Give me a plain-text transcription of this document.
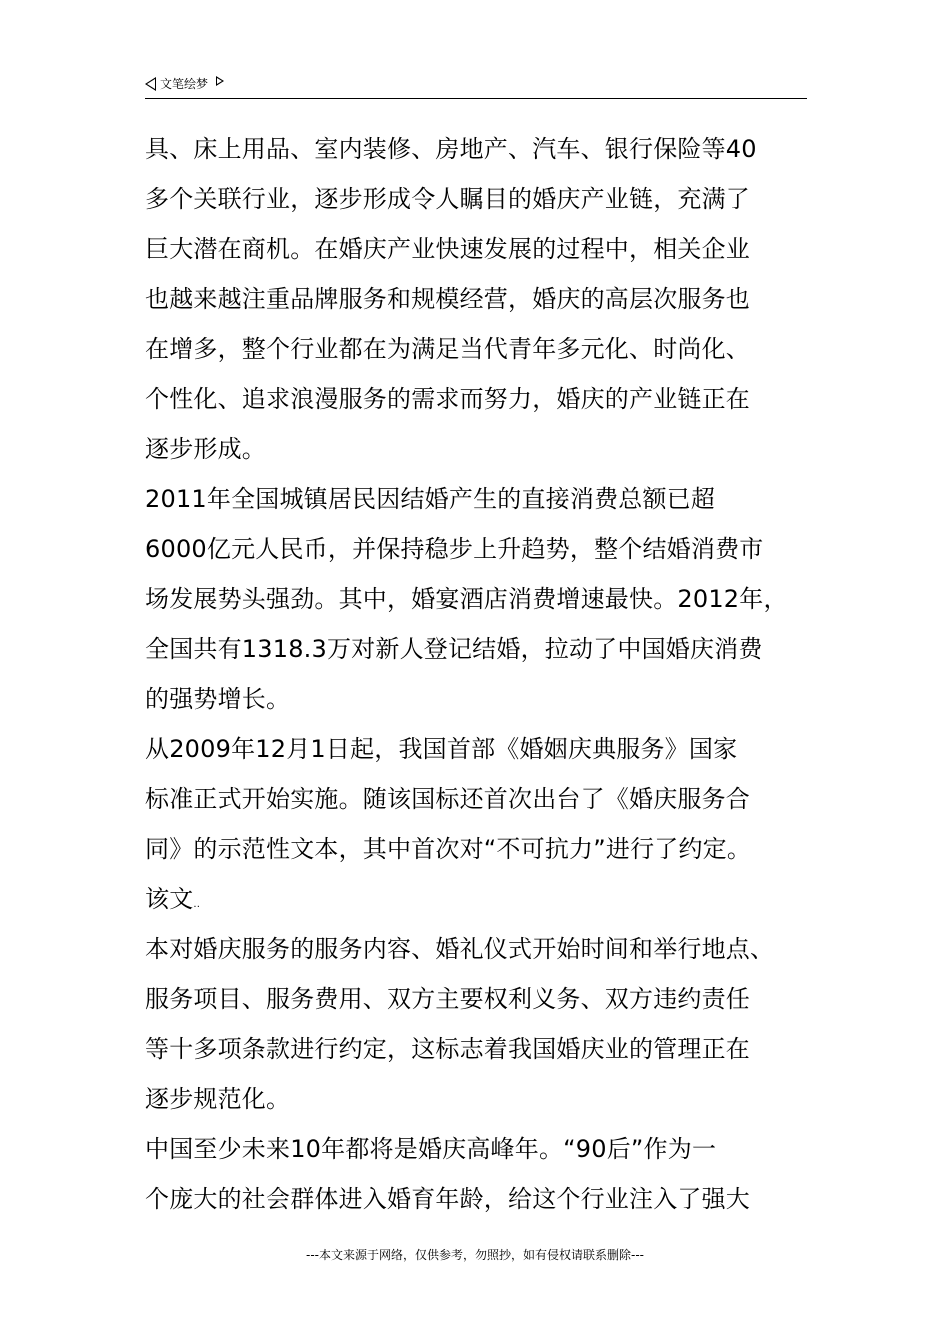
文笔绘梦
具、床上用品、室内装修、房地产、汽车、银行保险等40
多个关联行业，逐步形成令人瞩目的婚庆产业链，充满了
巨大潜在商机。在婚庆产业快速发展的过程中，相关企业
也越来越注重品牌服务和规模经营，婚庆的高层次服务也
在增多，整个行业都在为满足当代青年多元化、时尚化、
个性化、追求浪漫服务的需求而努力，婚庆的产业链正在
逐步形成。
2011年全国城镇居民因结婚产生的直接消费总额已超
6000亿元人民币，并保持稳步上升趋势，整个结婚消费市
场发展势头强劲。其中，婚宴酒店消费增速最快。2012年，
全国共有1318.3万对新人登记结婚，拉动了中国婚庆消费
的强势增长。
从2009年12月1日起，我国首部《婚姻庆典服务》国家
标准正式开始实施。随该国标还首次出台了《婚庆服务合
同》的示范性文本，其中首次对“不可抗力”进行了约定。
该文..
本对婚庆服务的服务内容、婚礼仪式开始时间和举行地点、
服务项目、服务费用、双方主要权利义务、双方违约责任
等十多项条款进行约定，这标志着我国婚庆业的管理正在
逐步规范化。
中国至少未来10年都将是婚庆高峰年。“90后”作为一
个庞大的社会群体进入婚育年龄，给这个行业注入了强大
---本文来源于网络，仅供参考，勿照抄，如有侵权请联系删除---
